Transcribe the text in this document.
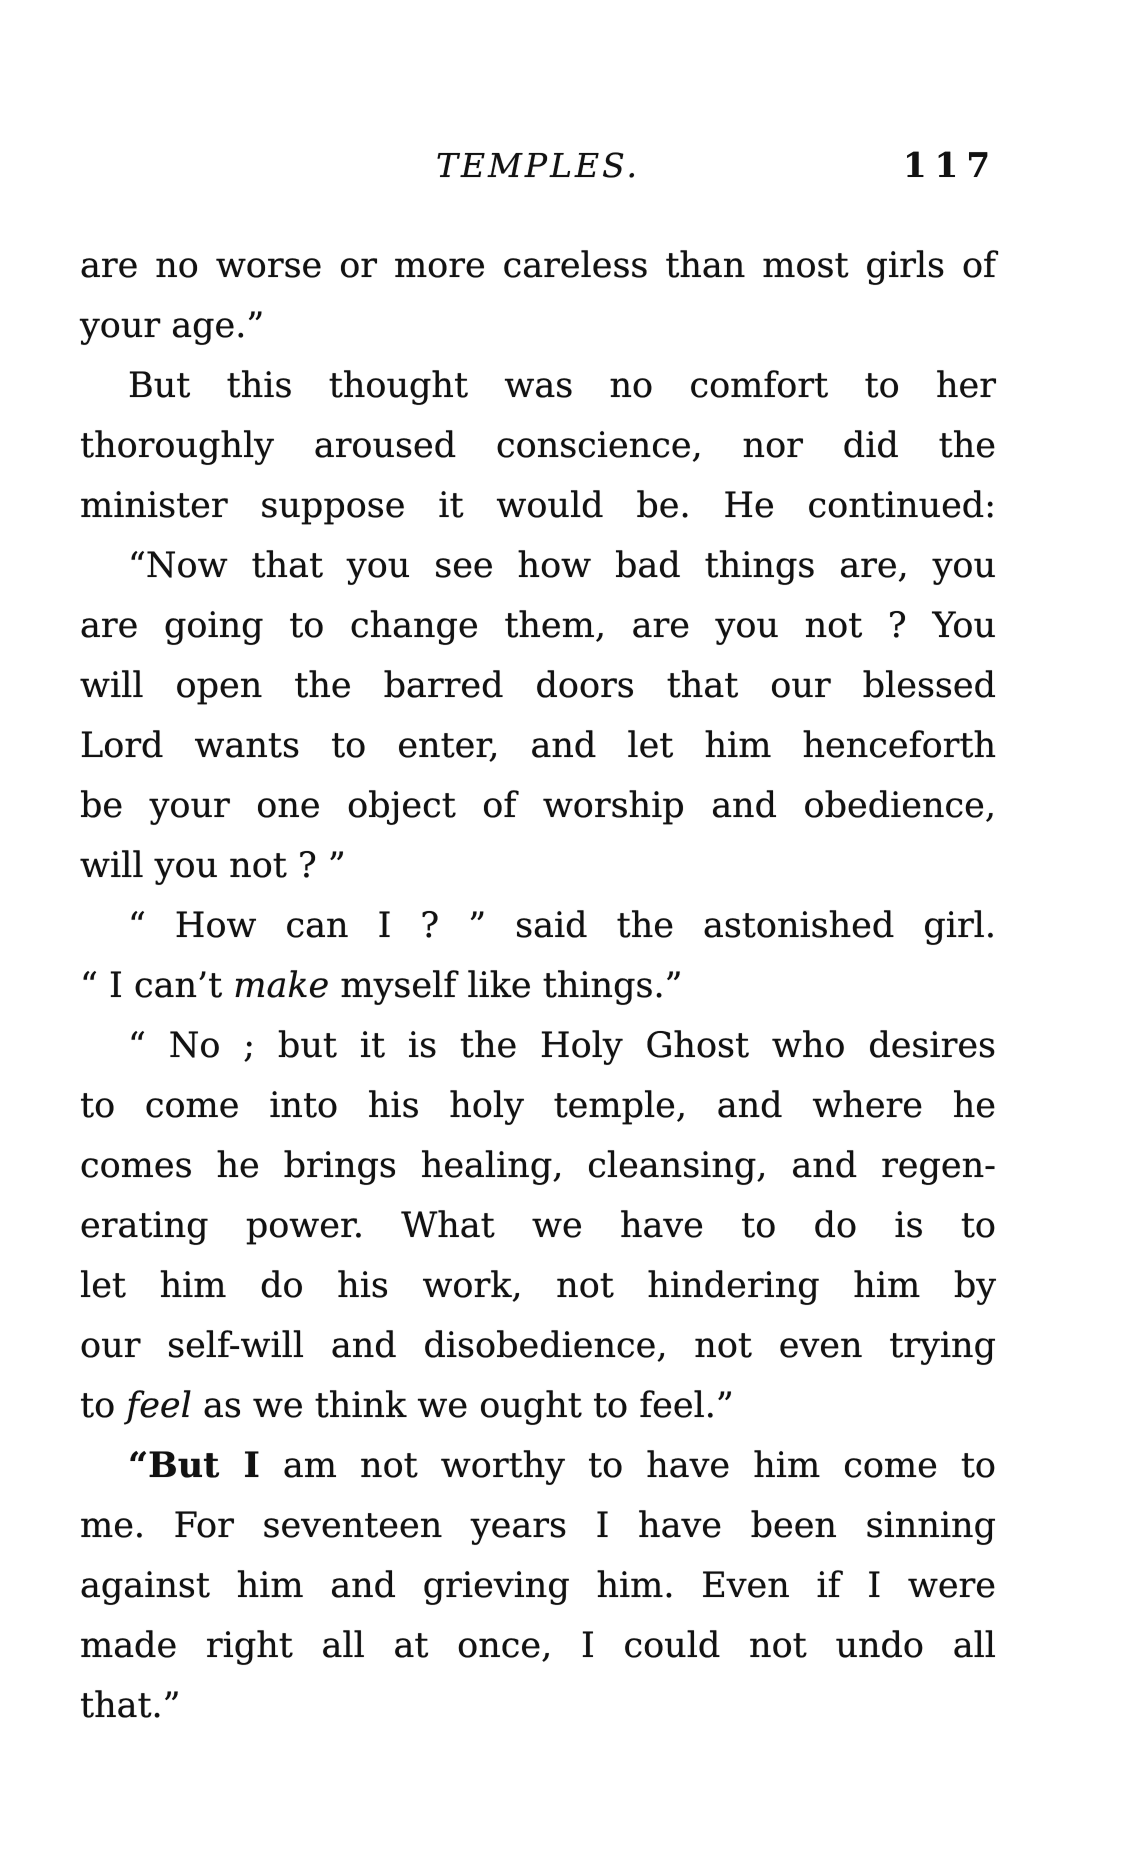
TEMPLES.	117
are no worse or more careless than most girls of
your age.”
But this thought was no comfort to her
thoroughly aroused conscience, nor did the
minister suppose it would be. He continued:
“Now that you see how bad things are, you
are going to change them, are you not ? You
will open the barred doors that our blessed
Lord wants to enter, and let him henceforth
be your one object of worship and obedience,
will you not ? ”
“ How can I ? ” said the astonished girl.
“ I can’t make myself like things.”
“ No ; but it is the Holy Ghost who desires
to come into his holy temple, and where he
comes he brings healing, cleansing, and regen-
erating power. What we have to do is to
let him do his work, not hindering him by
our self-will and disobedience, not even trying
to feel as we think we ought to feel.”
“But I am not worthy to have him come to
me. For seventeen years I have been sinning
against him and grieving him. Even if I were
made right all at once, I could not undo all
that.”
